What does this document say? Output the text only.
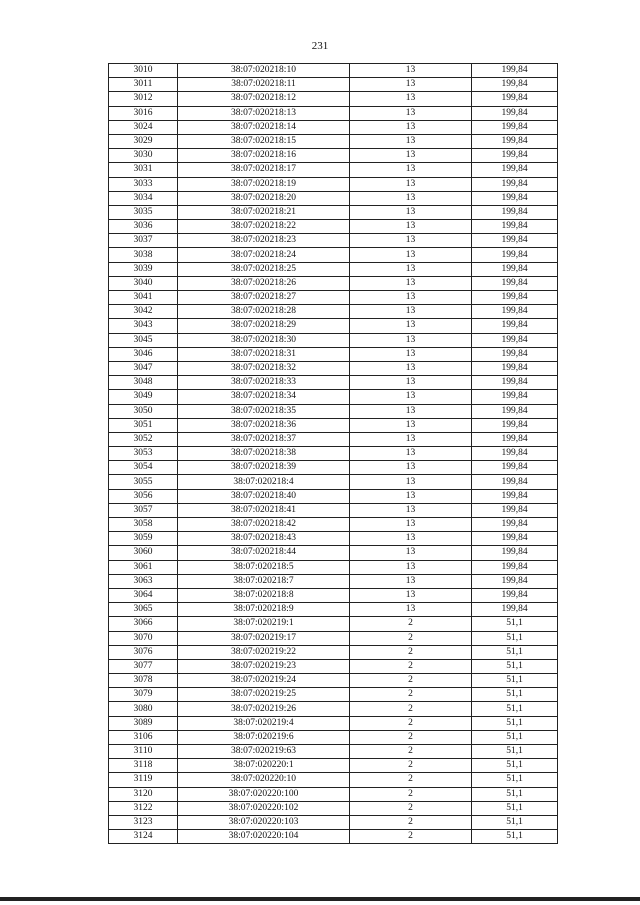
231
3010	38:07:020218:10	13	199,84
3011	38:07:020218:11	13	199,84
3012	38:07:020218:12	13	199,84
3016	38:07:020218:13	13	199,84
3024	38:07:020218:14	13	199,84
3029	38:07:020218:15	13	199,84
3030	38:07:020218:16	13	199,84
3031	38:07:020218:17	13	199,84
3033	38:07:020218:19	13	199,84
3034	38:07:020218:20	13	199,84
3035	38:07:020218:21	13	199,84
3036	38:07:020218:22	13	199,84
3037	38:07:020218:23	13	199,84
3038	38:07:020218:24	13	199,84
3039	38:07:020218:25	13	199,84
3040	38:07:020218:26	13	199,84
3041	38:07:020218:27	13	199,84
3042	38:07:020218:28	13	199,84
3043	38:07:020218:29	13	199,84
3045	38:07:020218:30	13	199,84
3046	38:07:020218:31	13	199,84
3047	38:07:020218:32	13	199,84
3048	38:07:020218:33	13	199,84
3049	38:07:020218:34	13	199,84
3050	38:07:020218:35	13	199,84
3051	38:07:020218:36	13	199,84
3052	38:07:020218:37	13	199,84
3053	38:07:020218:38	13	199,84
3054	38:07:020218:39	13	199,84
3055	38:07:020218:4	13	199,84
3056	38:07:020218:40	13	199,84
3057	38:07:020218:41	13	199,84
3058	38:07:020218:42	13	199,84
3059	38:07:020218:43	13	199,84
3060	38:07:020218:44	13	199,84
3061	38:07:020218:5	13	199,84
3063	38:07:020218:7	13	199,84
3064	38:07:020218:8	13	199,84
3065	38:07:020218:9	13	199,84
3066	38:07:020219:1	2	51,1
3070	38:07:020219:17	2	51,1
3076	38:07:020219:22	2	51,1
3077	38:07:020219:23	2	51,1
3078	38:07:020219:24	2	51,1
3079	38:07:020219:25	2	51,1
3080	38:07:020219:26	2	51,1
3089	38:07:020219:4	2	51,1
3106	38:07:020219:6	2	51,1
3110	38:07:020219:63	2	51,1
3118	38:07:020220:1	2	51,1
3119	38:07:020220:10	2	51,1
3120	38:07:020220:100	2	51,1
3122	38:07:020220:102	2	51,1
3123	38:07:020220:103	2	51,1
3124	38:07:020220:104	2	51,1
